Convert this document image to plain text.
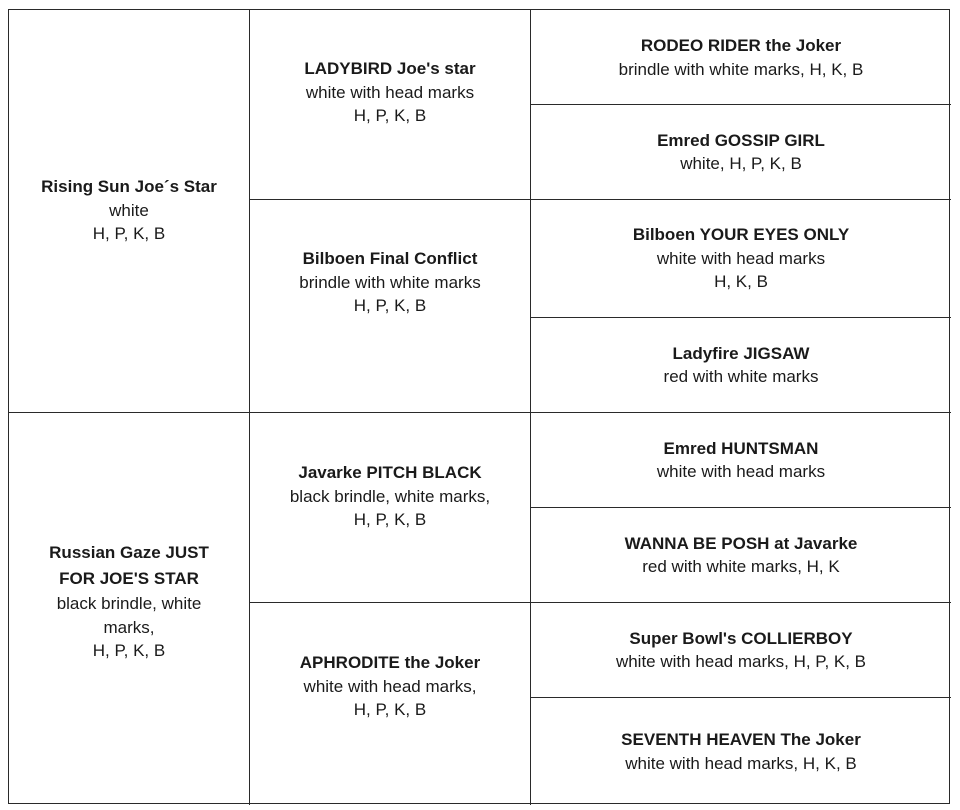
Rising Sun Joe´s Star
white
H, P, K, B
Russian Gaze JUST
FOR JOE'S STAR
black brindle, white
marks,
H, P, K, B
LADYBIRD Joe's star
white with head marks
H, P, K, B
Bilboen Final Conflict
brindle with white marks
H, P, K, B
Javarke PITCH BLACK
black brindle, white marks,
H, P, K, B
APHRODITE the Joker
white with head marks,
H, P, K, B
RODEO RIDER the Joker
brindle with white marks, H, K, B
Emred GOSSIP GIRL
white, H, P, K, B
Bilboen YOUR EYES ONLY
white with head marks
H, K, B
Ladyfire JIGSAW
red with white marks
Emred HUNTSMAN
white with head marks
WANNA BE POSH at Javarke
red with white marks, H, K
Super Bowl's COLLIERBOY
white with head marks, H, P, K, B
SEVENTH HEAVEN The Joker
white with head marks, H, K, B
